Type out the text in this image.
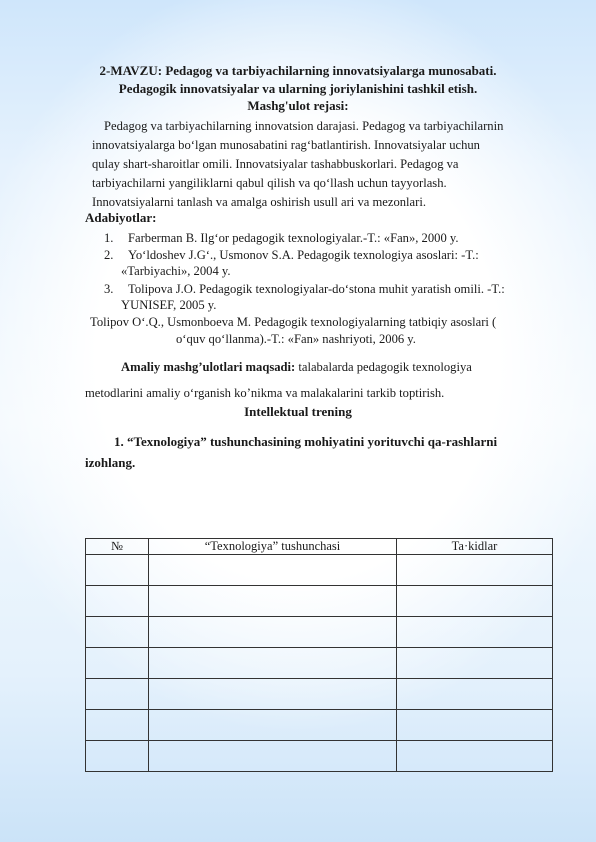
2-MAVZU: Pedagog va tarbiyachilarning innovatsiyalarga munosabati.
Pedagogik innovatsiyalar va ularning joriylanishini tashkil etish.
Mashg'ulot rejasi:
Pedagog va tarbiyachilarning innovatsion darajasi. Pedagog va tarbiyachilarnin
innovatsiyalarga bo‘lgan munosabatini rag‘batlantirish. Innovatsiyalar uchun
qulay shart-sharoitlar omili. Innovatsiyalar tashabbuskorlari. Pedagog va
tarbiyachilarni yangiliklarni qabul qilish va qo‘llash uchun tayyorlash.
Innovatsiyalarni tanlash va amalga oshirish usull ari va mezonlari.
Adabiyotlar:
1. Farberman B. Ilg‘or pedagogik texnologiyalar.-T.: «Fan», 2000 y.
2. Yo‘ldoshev J.G‘., Usmonov S.A. Pedagogik texnologiya asoslari: -T.:
«Tarbiyachi», 2004 y.
3. Tolipova J.O. Pedagogik texnologiyalar-do‘stona muhit yaratish omili. -T.:
YUNISEF, 2005 y.
Tolipov O‘.Q., Usmonboeva M. Pedagogik texnologiyalarning tatbiqiy asoslari (
o‘quv qo‘llanma).-T.: «Fan» nashriyoti, 2006 y.
Amaliy mashg’ulotlari maqsadi: talabalarda pedagogik texnologiya
metodlarini amaliy o‘rganish ko’nikma va malakalarini tarkib toptirish.
Intellektual trening
1. “Texnologiya” tushunchasining mohiyatini yorituvchi qa-rashlarni
izohlang.
№	“Texnologiya” tushunchasi	Ta·kidlar
